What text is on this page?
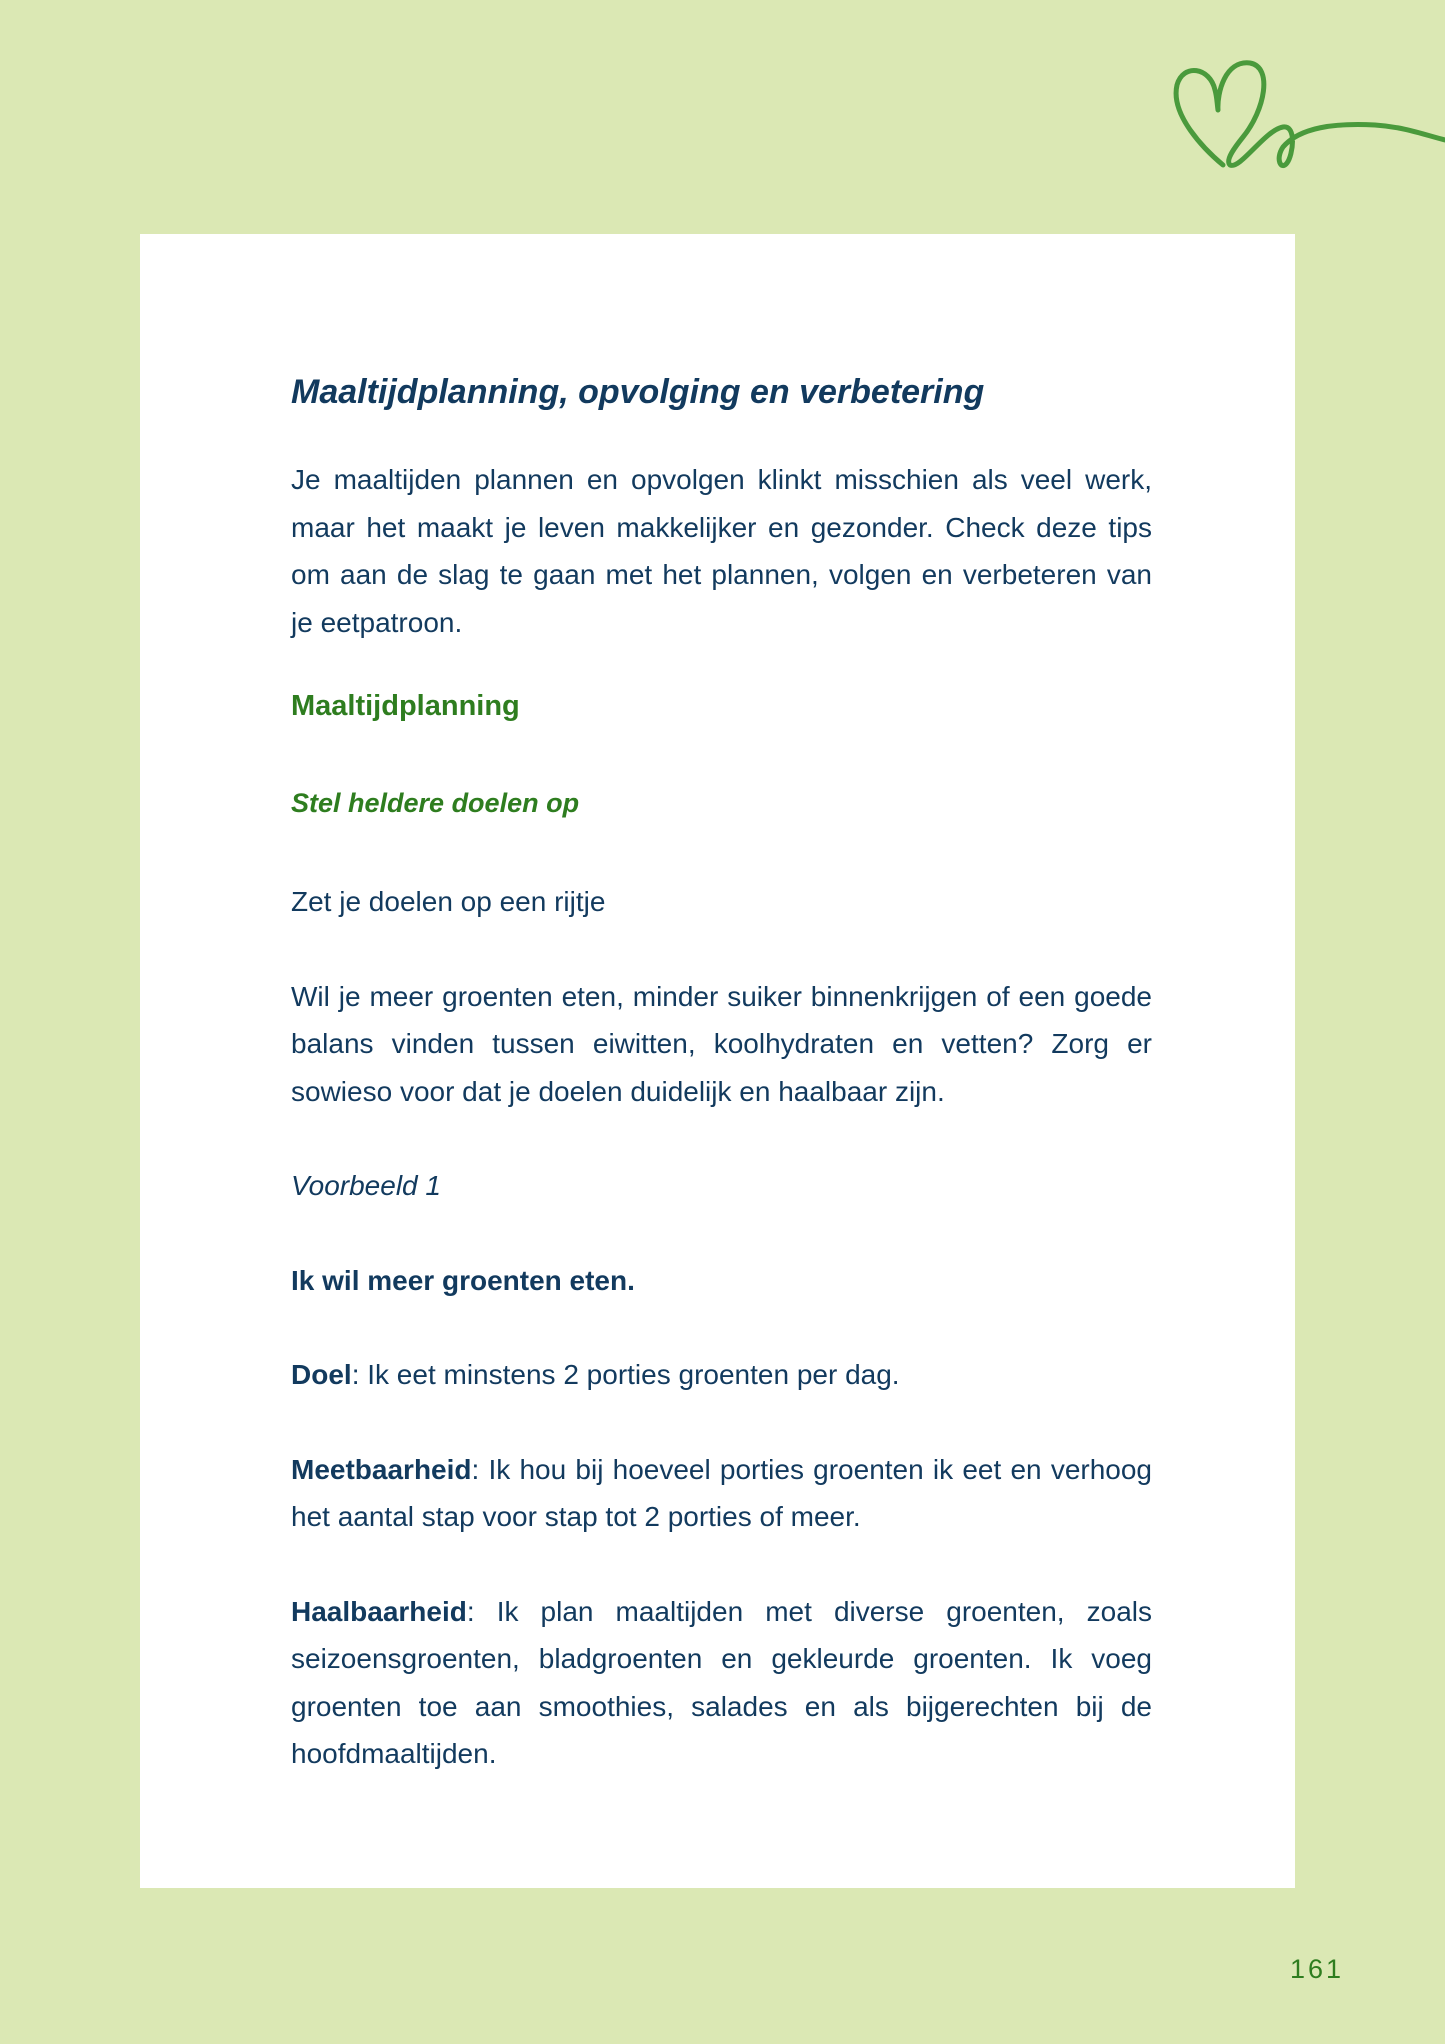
Maaltijdplanning, opvolging en verbetering

Je maaltijden plannen en opvolgen klinkt misschien als veel werk, maar het maakt je leven makkelijker en gezonder. Check deze tips om aan de slag te gaan met het plannen, volgen en verbeteren van je eetpatroon.

Maaltijdplanning
Stel heldere doelen op

Zet je doelen op een rijtje

Wil je meer groenten eten, minder suiker binnenkrijgen of een goede balans vinden tussen eiwitten, koolhydraten en vetten? Zorg er sowieso voor dat je doelen duidelijk en haalbaar zijn.

Voorbeeld 1

Ik wil meer groenten eten.

Doel: Ik eet minstens 2 porties groenten per dag.

Meetbaarheid: Ik hou bij hoeveel porties groenten ik eet en verhoog het aantal stap voor stap tot 2 porties of meer.

Haalbaarheid: Ik plan maaltijden met diverse groenten, zoals seizoensgroenten, bladgroenten en gekleurde groenten. Ik voeg groenten toe aan smoothies, salades en als bijgerechten bij de hoofdmaaltijden.

161
